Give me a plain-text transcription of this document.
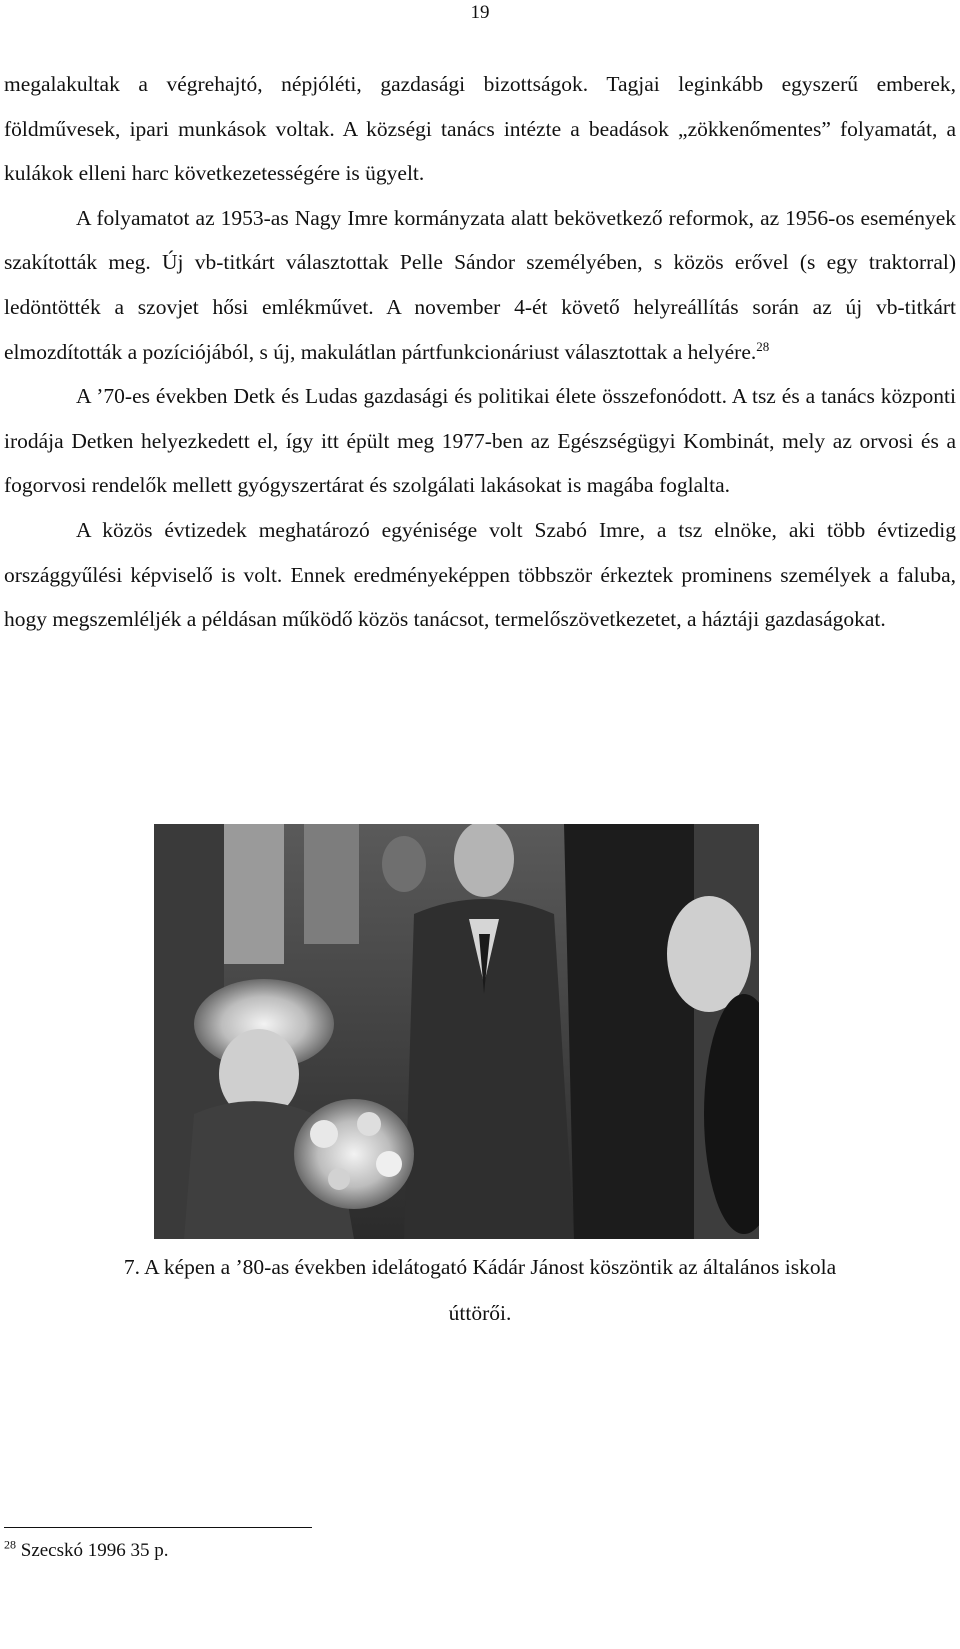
19

megalakultak a végrehajtó, népjóléti, gazdasági bizottságok. Tagjai leginkább egyszerű emberek, földművesek, ipari munkások voltak. A községi tanács intézte a beadások „zökkenőmentes” folyamatát, a kulákok elleni harc következetességére is ügyelt.

A folyamatot az 1953-as Nagy Imre kormányzata alatt bekövetkező reformok, az 1956-os események szakították meg. Új vb-titkárt választottak Pelle Sándor személyében, s közös erővel (s egy traktorral) ledöntötték a szovjet hősi emlékművet. A november 4-ét követő helyreállítás során az új vb-titkárt elmozdították a pozíciójából, s új, makulátlan pártfunkcionáriust választottak a helyére.$^{28}$

A ’70-es években Detk és Ludas gazdasági és politikai élete összefonódott. A tsz és a tanács központi irodája Detken helyezkedett el, így itt épült meg 1977-ben az Egészségügyi Kombinát, mely az orvosi és a fogorvosi rendelők mellett gyógyszertárat és szolgálati lakásokat is magába foglalta.

A közös évtizedek meghatározó egyénisége volt Szabó Imre, a tsz elnöke, aki több évtizedig országgyűlési képviselő is volt. Ennek eredményeképpen többször érkeztek prominens személyek a faluba, hogy megszemléljék a példásan működő közös tanácsot, termelőszövetkezetet, a háztáji gazdaságokat.

7. A képen a ’80-as években idelátogató Kádár Jánost köszöntik az általános iskola
úttörői.
$^{28}$ Szecskó 1996 35 p.
